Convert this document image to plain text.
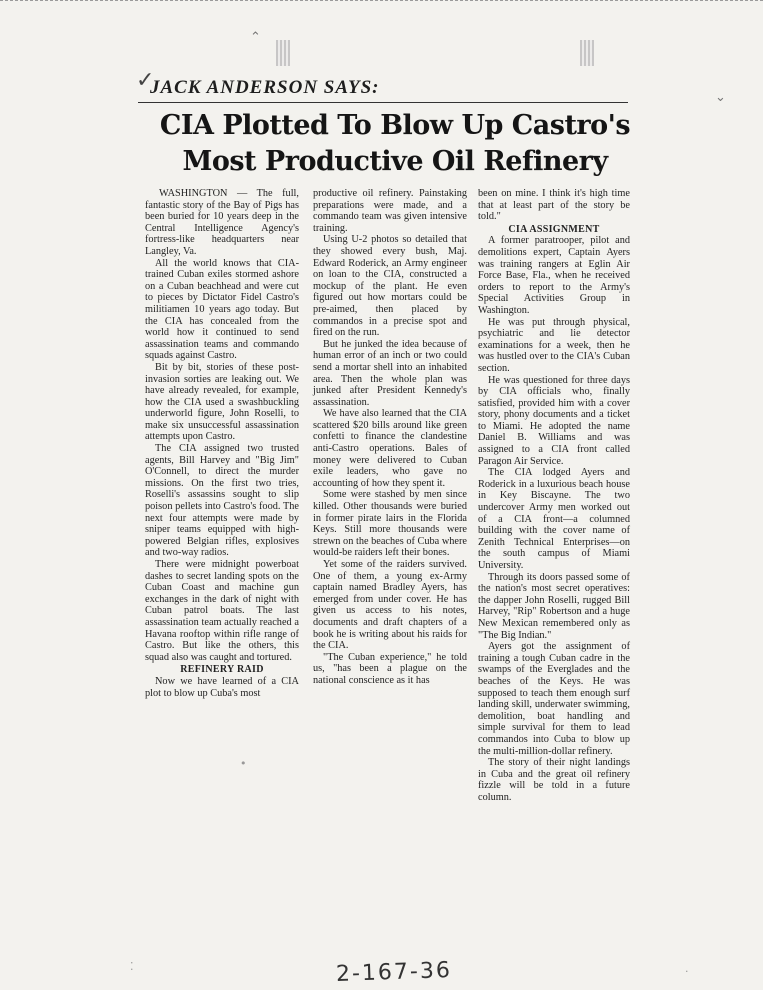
⌃
⌄
✓
JACK ANDERSON SAYS:
CIA Plotted To Blow Up Castro's
Most Productive Oil Refinery

WASHINGTON — The full, fantastic story of the Bay of Pigs has been buried for 10 years deep in the Central Intelligence Agency's fortress-like headquarters near Langley, Va.

All the world knows that CIA-trained Cuban exiles stormed ashore on a Cuban beachhead and were cut to pieces by Dictator Fidel Castro's militiamen 10 years ago today. But the CIA has concealed from the world how it continued to send assassination teams and commando squads against Castro.

Bit by bit, stories of these post-invasion sorties are leaking out. We have already revealed, for example, how the CIA used a swashbuckling underworld figure, John Roselli, to make six unsuccessful assassination attempts upon Castro.

The CIA assigned two trusted agents, Bill Harvey and "Big Jim" O'Connell, to direct the murder missions. On the first two tries, Roselli's assassins sought to slip poison pellets into Castro's food. The next four attempts were made by sniper teams equipped with high-powered Belgian rifles, explosives and two-way radios.

There were midnight powerboat dashes to secret landing spots on the Cuban Coast and machine gun exchanges in the dark of night with Cuban patrol boats. The last assassination team actually reached a Havana rooftop within rifle range of Castro. But like the others, this squad also was caught and tortured.

REFINERY RAID

Now we have learned of a CIA plot to blow up Cuba's most

productive oil refinery. Painstaking preparations were made, and a commando team was given intensive training.

Using U-2 photos so detailed that they showed every bush, Maj. Edward Roderick, an Army engineer on loan to the CIA, constructed a mockup of the plant. He even figured out how mortars could be pre-aimed, then placed by commandos in a precise spot and fired on the run.

But he junked the idea because of human error of an inch or two could send a mortar shell into an inhabited area. Then the whole plan was junked after President Kennedy's assassination.

We have also learned that the CIA scattered $20 bills around like green confetti to finance the clandestine anti-Castro operations. Bales of money were delivered to Cuban exile leaders, who gave no accounting of how they spent it.

Some were stashed by men since killed. Other thousands were buried in former pirate lairs in the Florida Keys. Still more thousands were strewn on the beaches of Cuba where would-be raiders left their bones.

Yet some of the raiders survived. One of them, a young ex-Army captain named Bradley Ayers, has emerged from under cover. He has given us access to his notes, documents and draft chapters of a book he is writing about his raids for the CIA.

"The Cuban experience," he told us, "has been a plague on the national conscience as it has

been on mine. I think it's high time that at least part of the story be told."

CIA ASSIGNMENT

A former paratrooper, pilot and demolitions expert, Captain Ayers was training rangers at Eglin Air Force Base, Fla., when he received orders to report to the Army's Special Activities Group in Washington.

He was put through physical, psychiatric and lie detector examinations for a week, then he was hustled over to the CIA's Cuban section.

He was questioned for three days by CIA officials who, finally satisfied, provided him with a cover story, phony documents and a ticket to Miami. He adopted the name Daniel B. Williams and was assigned to a CIA front called Paragon Air Service.

The CIA lodged Ayers and Roderick in a luxurious beach house in Key Biscayne. The two undercover Army men worked out of a CIA front—a columned building with the cover name of Zenith Technical Enterprises—on the south campus of Miami University.

Through its doors passed some of the nation's most secret operatives: the dapper John Roselli, rugged Bill Harvey, "Rip" Robertson and a huge New Mexican remembered only as "The Big Indian."

Ayers got the assignment of training a tough Cuban cadre in the swamps of the Everglades and the beaches of the Keys. He was supposed to teach them enough surf landing skill, underwater swimming, demolition, boat handling and simple survival for them to lead commandos into Cuba to blow up the multi-million-dollar refinery.

The story of their night landings in Cuba and the great oil refinery fizzle will be told in a future column.

•
⁚	·
2-167-36
